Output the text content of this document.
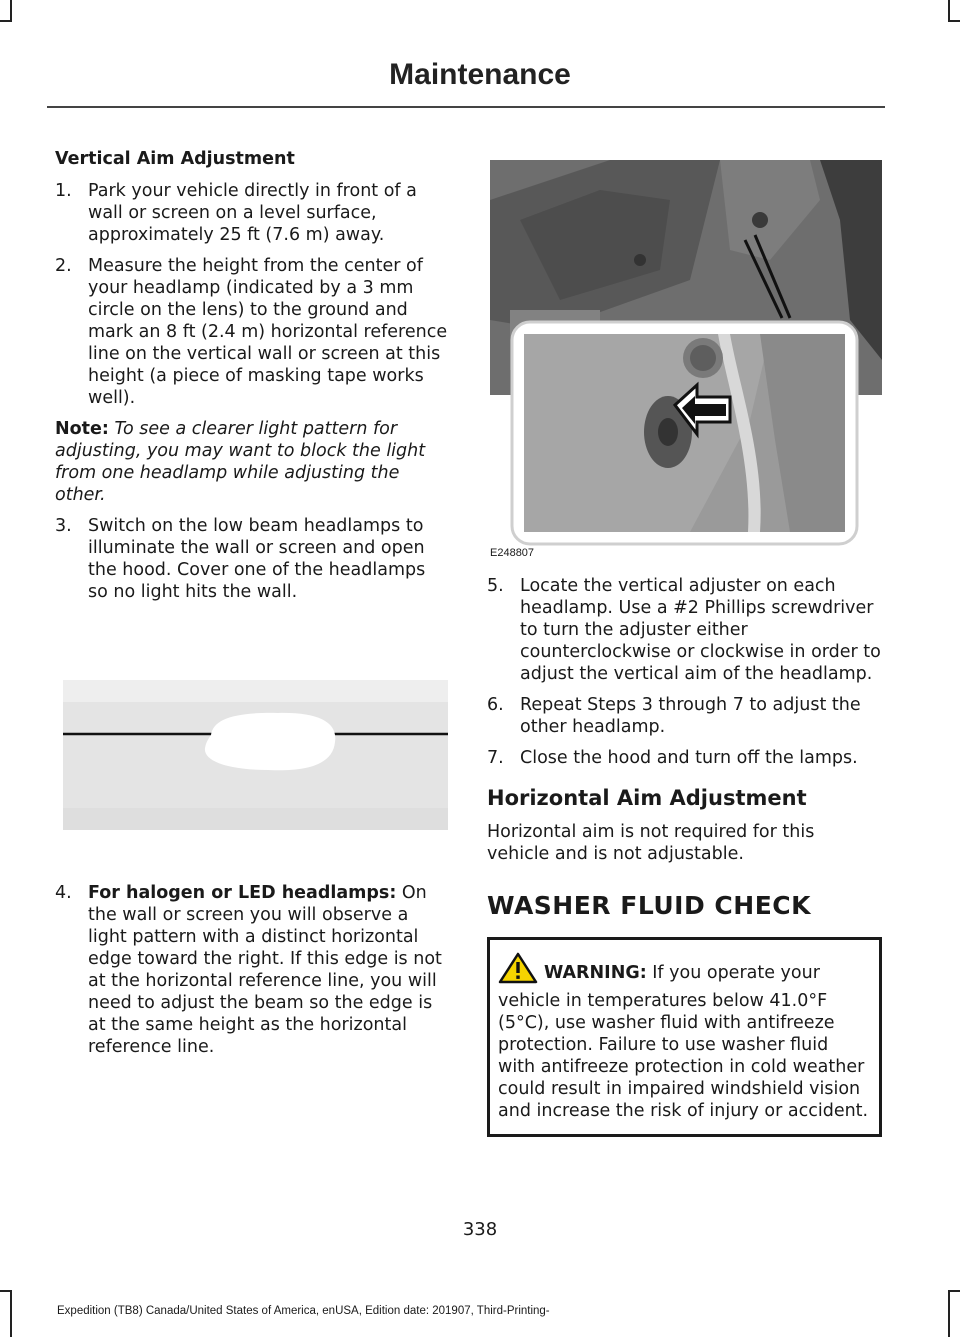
Maintenance
Vertical Aim Adjustment
1. Park your vehicle directly in front of a wall or screen on a level surface, approximately 25 ft (7.6 m) away.
2. Measure the height from the center of your headlamp (indicated by a 3 mm circle on the lens) to the ground and mark an 8 ft (2.4 m) horizontal reference line on the vertical wall or screen at this height (a piece of masking tape works well).

Note: To see a clearer light pattern for adjusting, you may want to block the light from one headlamp while adjusting the other.

3. Switch on the low beam headlamps to illuminate the wall or screen and open the hood. Cover one of the headlamps so no light hits the wall.
4. For halogen or LED headlamps: On the wall or screen you will observe a light pattern with a distinct horizontal edge toward the right. If this edge is not at the horizontal reference line, you will need to adjust the beam so the edge is at the same height as the horizontal reference line.
E248807
5. Locate the vertical adjuster on each headlamp. Use a #2 Phillips screwdriver to turn the adjuster either counterclockwise or clockwise in order to adjust the vertical aim of the headlamp.
6. Repeat Steps 3 through 7 to adjust the other headlamp.
7. Close the hood and turn off the lamps.
Horizontal Aim Adjustment

Horizontal aim is not required for this vehicle and is not adjustable.

WASHER FLUID CHECK
WARNING: If you operate your vehicle in temperatures below 41.0°F (5°C), use washer fluid with antifreeze protection. Failure to use washer fluid with antifreeze protection in cold weather could result in impaired windshield vision and increase the risk of injury or accident.
338
Expedition (TB8) Canada/United States of America, enUSA, Edition date: 201907, Third-Printing-
